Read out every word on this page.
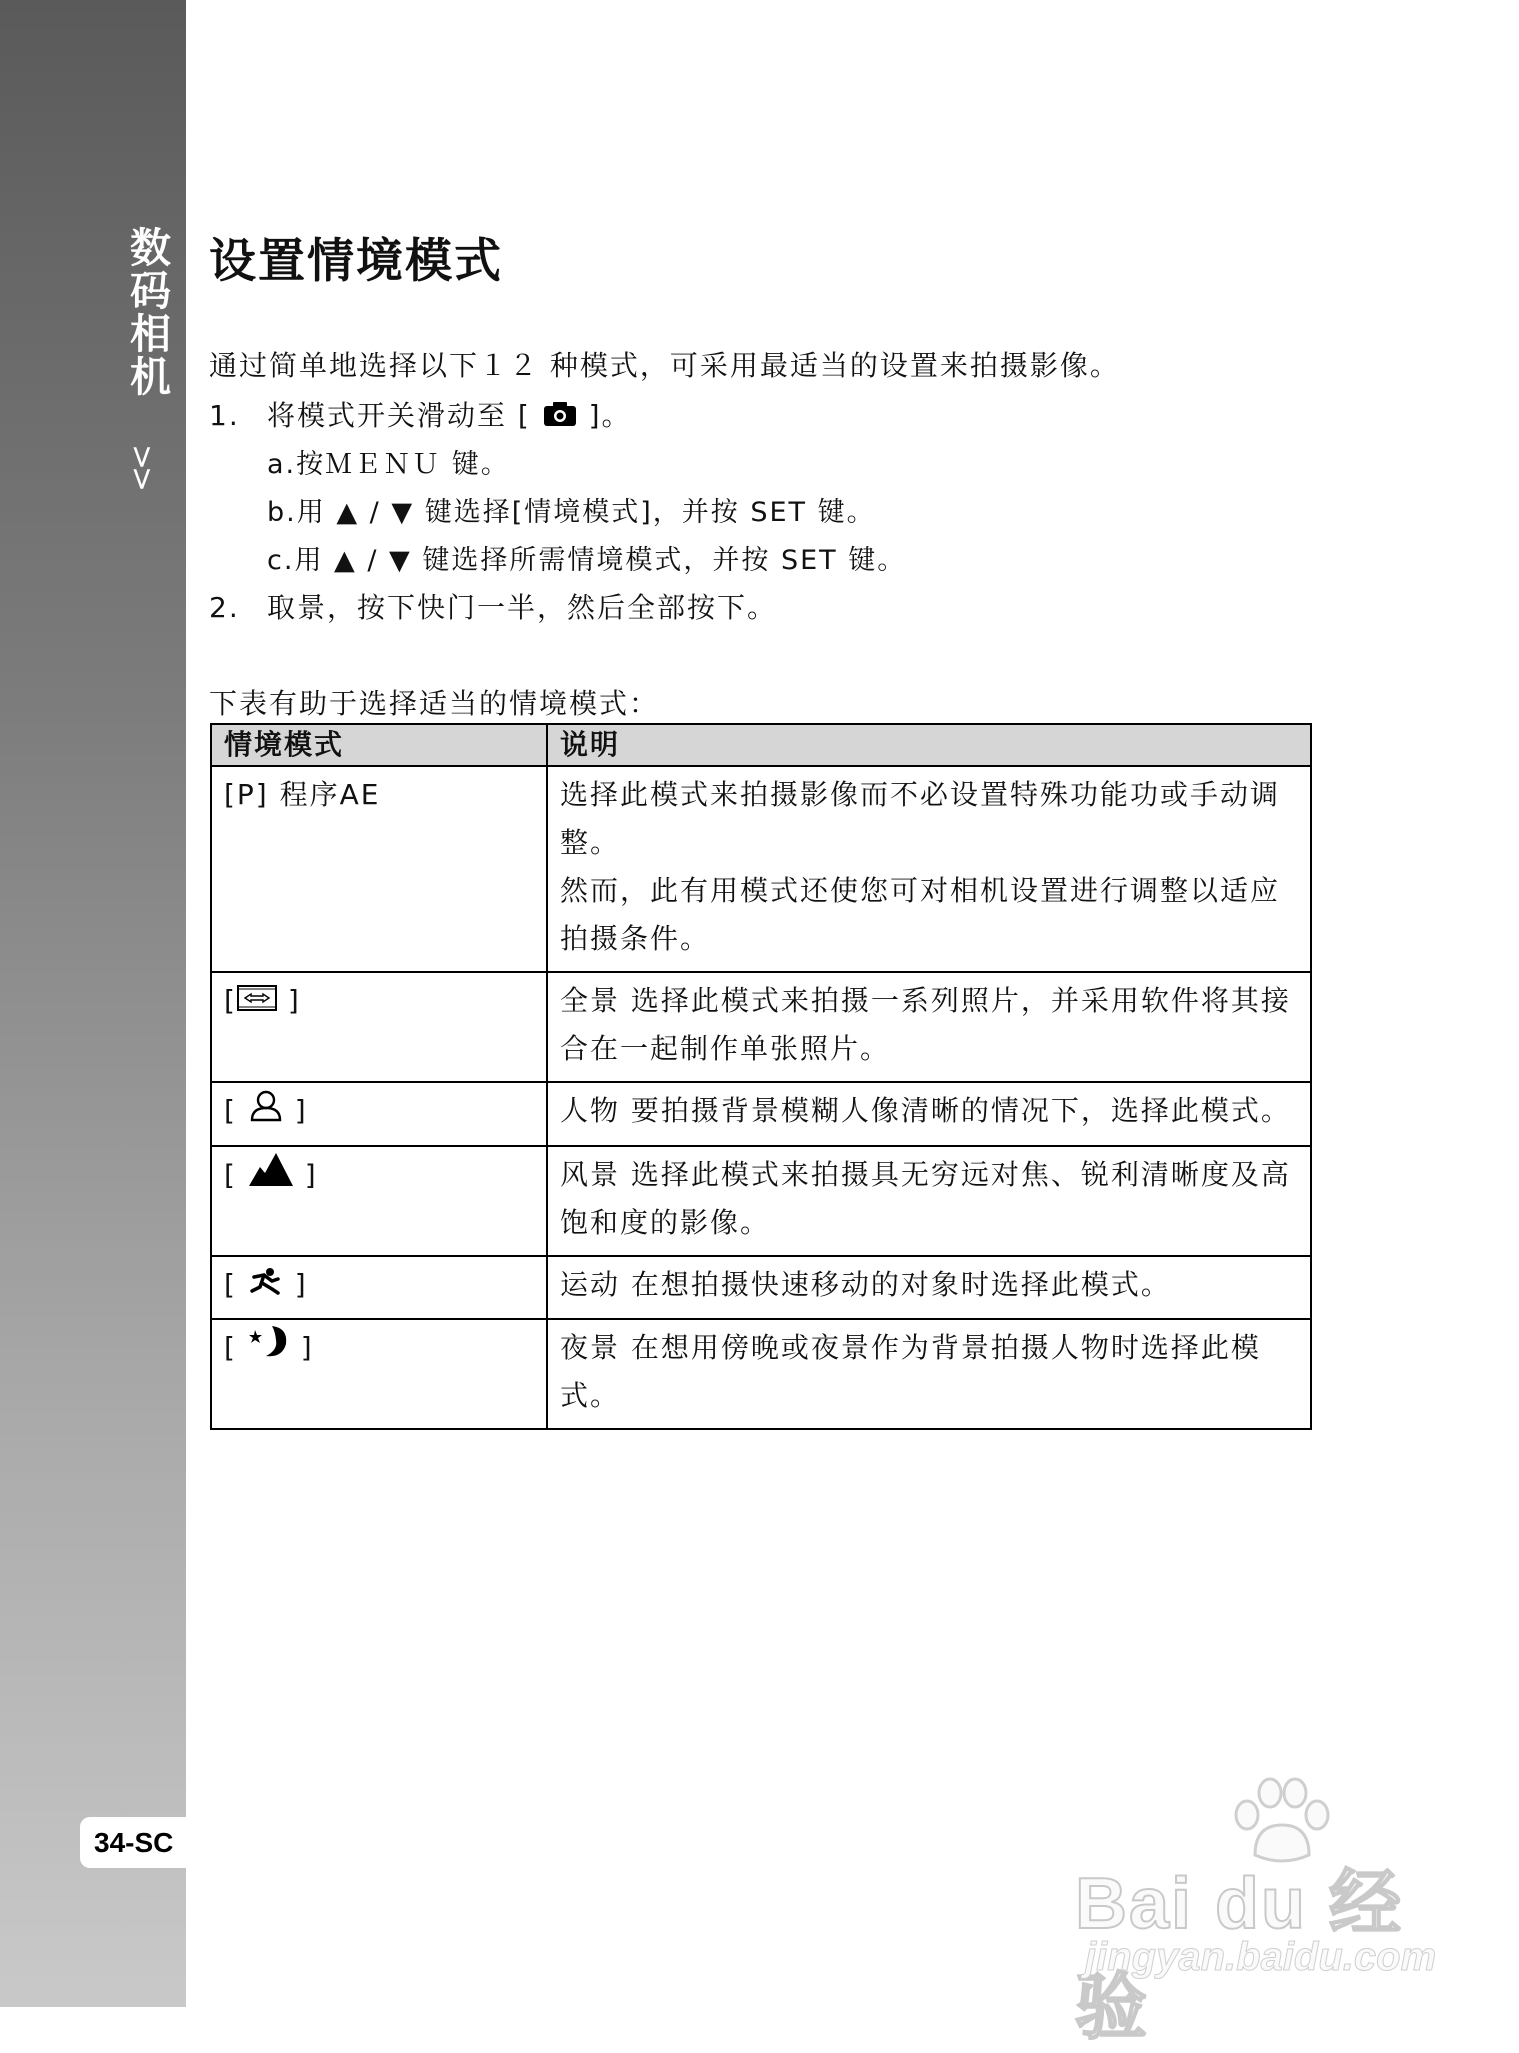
数码相机
>>
34-SC
设置情境模式

通过简单地选择以下１２ 种模式，可采用最适当的设置来拍摄影像。

1. 将模式开关滑动至 [  ]。

a.按ＭＥＮＵ 键。

b.用 ▲ / ▼ 键选择[情境模式]，并按 SET 键。

c.用 ▲ / ▼ 键选择所需情境模式，并按 SET 键。

2. 取景，按下快门一半，然后全部按下。

下表有助于选择适当的情境模式：

情境模式	说明
[P] 程序AE	选择此模式来拍摄影像而不必设置特殊功能功或手动调整。
然而，此有用模式还使您可对相机设置进行调整以适应拍摄条件。

[ ]	全景 选择此模式来拍摄一系列照片，并采用软件将其接合在一起制作单张照片。
[  ]	人物 要拍摄背景模糊人像清晰的情况下，选择此模式。
[  ]	风景 选择此模式来拍摄具无穷远对焦、锐利清晰度及高饱和度的影像。
[  ]	运动 在想拍摄快速移动的对象时选择此模式。
[  ]	夜景 在想用傍晚或夜景作为背景拍摄人物时选择此模式。
Bai du 经验
jingyan.baidu.com
